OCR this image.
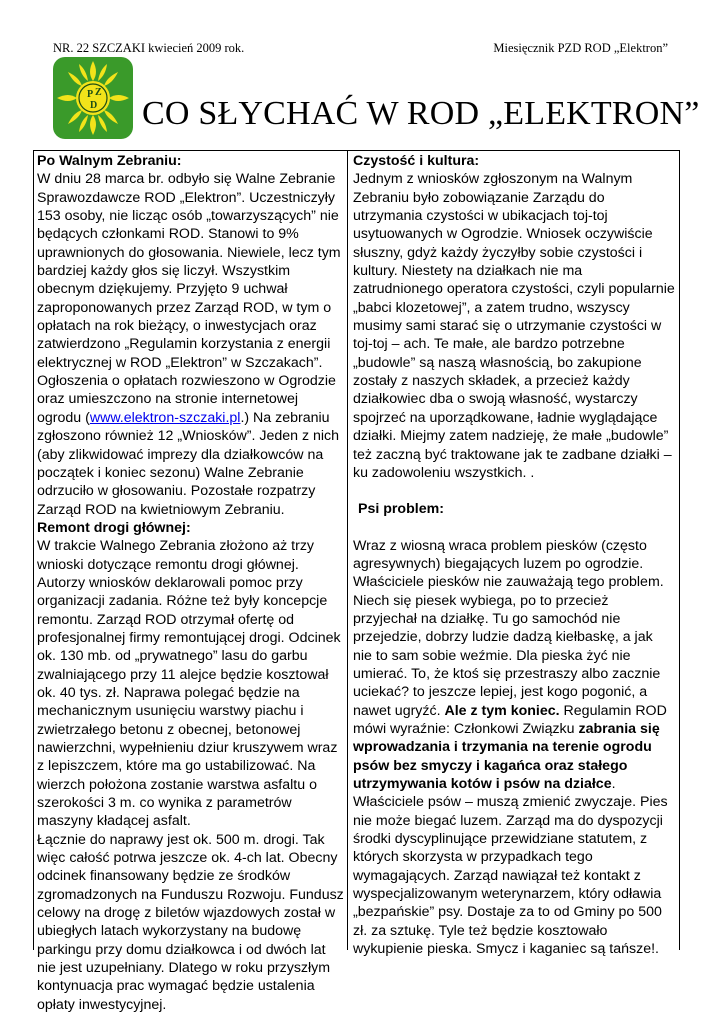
NR. 22 SZCZAKI kwiecień 2009 rok.	Miesięcznik PZD ROD „Elektron”
P Z
D CO SŁYCHAĆ W ROD „ELEKTRON”

Po Walnym Zebraniu:

W dniu 28 marca br. odbyło się Walne Zebranie Sprawozdawcze ROD „Elektron”. Uczestniczyły 153 osoby, nie licząc osób „towarzyszących” nie będących członkami ROD. Stanowi to 9% uprawnionych do głosowania. Niewiele, lecz tym bardziej każdy głos się liczył. Wszystkim obecnym dziękujemy. Przyjęto 9 uchwał zaproponowanych przez Zarząd ROD, w tym o opłatach na rok bieżący, o inwestycjach oraz zatwierdzono „Regulamin korzystania z energii elektrycznej w ROD „Elektron” w Szczakach”. Ogłoszenia o opłatach rozwieszono w Ogrodzie oraz umieszczono na stronie internetowej ogrodu (www.elektron-szczaki.pl.) Na zebraniu zgłoszono również 12 „Wniosków”. Jeden z nich (aby zlikwidować imprezy dla działkowców na początek i koniec sezonu) Walne Zebranie odrzuciło w głosowaniu. Pozostałe rozpatrzy Zarząd ROD na kwietniowym Zebraniu.

Remont drogi głównej:

W trakcie Walnego Zebrania złożono aż trzy wnioski dotyczące remontu drogi głównej. Autorzy wniosków deklarowali pomoc przy organizacji zadania. Różne też były koncepcje remontu. Zarząd ROD otrzymał ofertę od profesjonalnej firmy remontującej drogi. Odcinek ok. 130 mb. od „prywatnego” lasu do garbu zwalniającego przy 11 alejce będzie kosztował ok. 40 tys. zł. Naprawa polegać będzie na mechanicznym usunięciu warstwy piachu i zwietrzałego betonu z obecnej, betonowej nawierzchni, wypełnieniu dziur kruszywem wraz z lepiszczem, które ma go ustabilizować. Na wierzch położona zostanie warstwa asfaltu o szerokości 3 m. co wynika z parametrów maszyny kładącej asfalt.

Łącznie do naprawy jest ok. 500 m. drogi. Tak więc całość potrwa jeszcze ok. 4-ch lat. Obecny odcinek finansowany będzie ze środków zgromadzonych na Funduszu Rozwoju. Fundusz celowy na drogę z biletów wjazdowych został w ubiegłych latach wykorzystany na budowę parkingu przy domu działkowca i od dwóch lat nie jest uzupełniany. Dlatego w roku przyszłym kontynuacja prac wymagać będzie ustalenia opłaty inwestycyjnej.

Czystość i kultura:

Jednym z wniosków zgłoszonym na Walnym Zebraniu było zobowiązanie Zarządu do utrzymania czystości w ubikacjach toj-toj usytuowanych w Ogrodzie. Wniosek oczywiście słuszny, gdyż każdy życzyłby sobie czystości i kultury. Niestety na działkach nie ma zatrudnionego operatora czystości, czyli popularnie „babci klozetowej”, a zatem trudno, wszyscy musimy sami starać się o utrzymanie czystości w toj-toj – ach. Te małe, ale bardzo potrzebne „budowle” są naszą własnością, bo zakupione zostały z naszych składek, a przecież każdy działkowiec dba o swoją własność, wystarczy spojrzeć na uporządkowane, ładnie wyglądające działki. Miejmy zatem nadzieję, że małe „budowle” też zaczną być traktowane jak te zadbane działki – ku zadowoleniu wszystkich. .

Psi problem:

Wraz z wiosną wraca problem piesków (często agresywnych) biegających luzem po ogrodzie. Właściciele piesków nie zauważają tego problem. Niech się piesek wybiega, po to przecież przyjechał na działkę. Tu go samochód nie przejedzie, dobrzy ludzie dadzą kiełbaskę, a jak nie to sam sobie weźmie. Dla pieska żyć nie umierać. To, że ktoś się przestraszy albo zacznie uciekać? to jeszcze lepiej, jest kogo pogonić, a nawet ugryźć. Ale z tym koniec. Regulamin ROD mówi wyraźnie: Członkowi Związku zabrania się wprowadzania i trzymania na terenie ogrodu psów bez smyczy i kagańca oraz stałego utrzymywania kotów i psów na działce. Właściciele psów – muszą zmienić zwyczaje. Pies nie może biegać luzem. Zarząd ma do dyspozycji środki dyscyplinujące przewidziane statutem, z których skorzysta w przypadkach tego wymagających. Zarząd nawiązał też kontakt z wyspecjalizowanym weterynarzem, który odławia „bezpańskie” psy. Dostaje za to od Gminy po 500 zł. za sztukę. Tyle też będzie kosztowało wykupienie pieska. Smycz i kaganiec są tańsze!.
